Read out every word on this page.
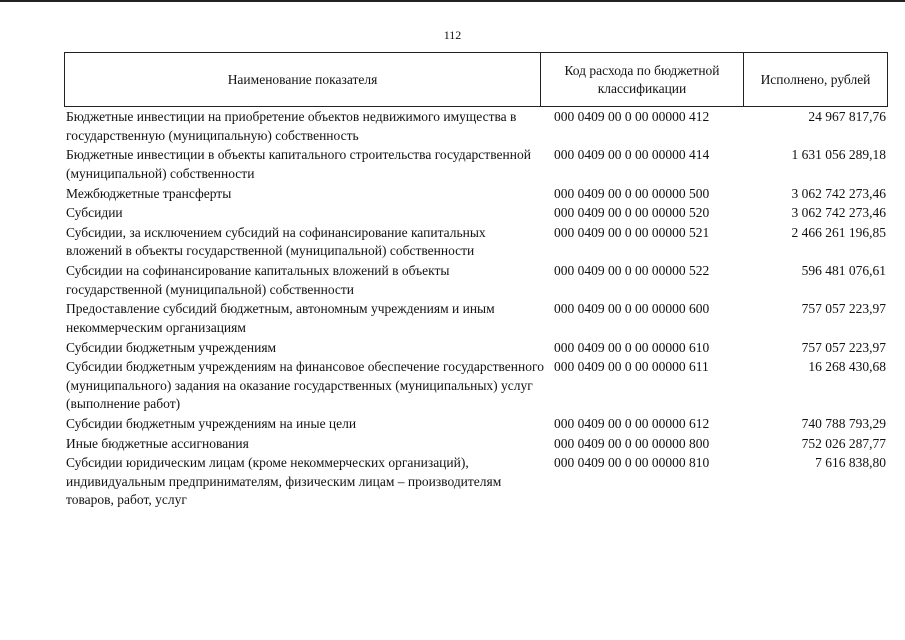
112
Наименование показателя
Код расхода по бюджетной классификации
Исполнено, рублей
Бюджетные инвестиции на приобретение объектов недвижимого имущества в государственную (муниципальную) собственность
000 0409 00 0 00 00000 412	24 967 817,76
Бюджетные инвестиции в объекты капитального строительства государственной (муниципальной) собственности
000 0409 00 0 00 00000 414	1 631 056 289,18
Межбюджетные трансферты	000 0409 00 0 00 00000 500	3 062 742 273,46
Субсидии	000 0409 00 0 00 00000 520	3 062 742 273,46
Субсидии, за исключением субсидий на софинансирование капитальных вложений в объекты государственной (муниципальной) собственности
000 0409 00 0 00 00000 521	2 466 261 196,85
Субсидии на софинансирование капитальных вложений в объекты государственной (муниципальной) собственности
000 0409 00 0 00 00000 522	596 481 076,61
Предоставление субсидий бюджетным, автономным учреждениям и иным некоммерческим организациям
000 0409 00 0 00 00000 600	757 057 223,97
Субсидии бюджетным учреждениям	000 0409 00 0 00 00000 610	757 057 223,97
Субсидии бюджетным учреждениям на финансовое обеспечение государственного (муниципального) задания на оказание государственных (муниципальных) услуг (выполнение работ)
000 0409 00 0 00 00000 611	16 268 430,68
Субсидии бюджетным учреждениям на иные цели	000 0409 00 0 00 00000 612	740 788 793,29
Иные бюджетные ассигнования	000 0409 00 0 00 00000 800	752 026 287,77
Субсидии юридическим лицам (кроме некоммерческих организаций), индивидуальным предпринимателям, физическим лицам – производителям товаров, работ, услуг
000 0409 00 0 00 00000 810	7 616 838,80
